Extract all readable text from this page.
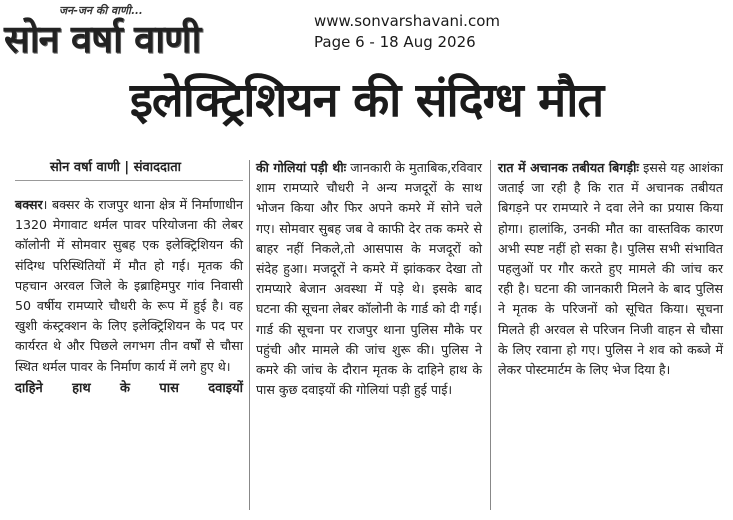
जन-जन की वाणी...
सोन वर्षा वाणी	www.sonvarshavani.com
Page 6 - 18 Aug 2026
इलेक्ट्रिशियन की संदिग्ध मौत
सोन वर्षा वाणी | संवाददाता

बक्सर। बक्सर के राजपुर थाना क्षेत्र में निर्माणाधीन 1320 मेगावाट थर्मल पावर परियोजना की लेबर कॉलोनी में सोमवार सुबह एक इलेक्ट्रिशियन की संदिग्ध परिस्थितियों में मौत हो गई। मृतक की पहचान अरवल जिले के इब्राहिमपुर गांव निवासी 50 वर्षीय रामप्यारे चौधरी के रूप में हुई है। वह खुशी कंस्ट्रक्शन के लिए इलेक्ट्रिशियन के पद पर कार्यरत थे और पिछले लगभग तीन वर्षों से चौसा स्थित थर्मल पावर के निर्माण कार्य में लगे हुए थे।

दाहिने हाथ के पास दवाइयों

की गोलियां पड़ी थीः जानकारी के मुताबिक,रविवार शाम रामप्यारे चौधरी ने अन्य मजदूरों के साथ भोजन किया और फिर अपने कमरे में सोने चले गए। सोमवार सुबह जब वे काफी देर तक कमरे से बाहर नहीं निकले,तो आसपास के मजदूरों को संदेह हुआ। मजदूरों ने कमरे में झांककर देखा तो रामप्यारे बेजान अवस्था में पड़े थे। इसके बाद घटना की सूचना लेबर कॉलोनी के गार्ड को दी गई। गार्ड की सूचना पर राजपुर थाना पुलिस मौके पर पहुंची और मामले की जांच शुरू की। पुलिस ने कमरे की जांच के दौरान मृतक के दाहिने हाथ के पास कुछ दवाइयों की गोलियां पड़ी हुई पाई।

रात में अचानक तबीयत बिगड़ीः इससे यह आशंका जताई जा रही है कि रात में अचानक तबीयत बिगड़ने पर रामप्यारे ने दवा लेने का प्रयास किया होगा। हालांकि, उनकी मौत का वास्तविक कारण अभी स्पष्ट नहीं हो सका है। पुलिस सभी संभावित पहलुओं पर गौर करते हुए मामले की जांच कर रही है। घटना की जानकारी मिलने के बाद पुलिस ने मृतक के परिजनों को सूचित किया। सूचना मिलते ही अरवल से परिजन निजी वाहन से चौसा के लिए रवाना हो गए। पुलिस ने शव को कब्जे में लेकर पोस्टमार्टम के लिए भेज दिया है।
